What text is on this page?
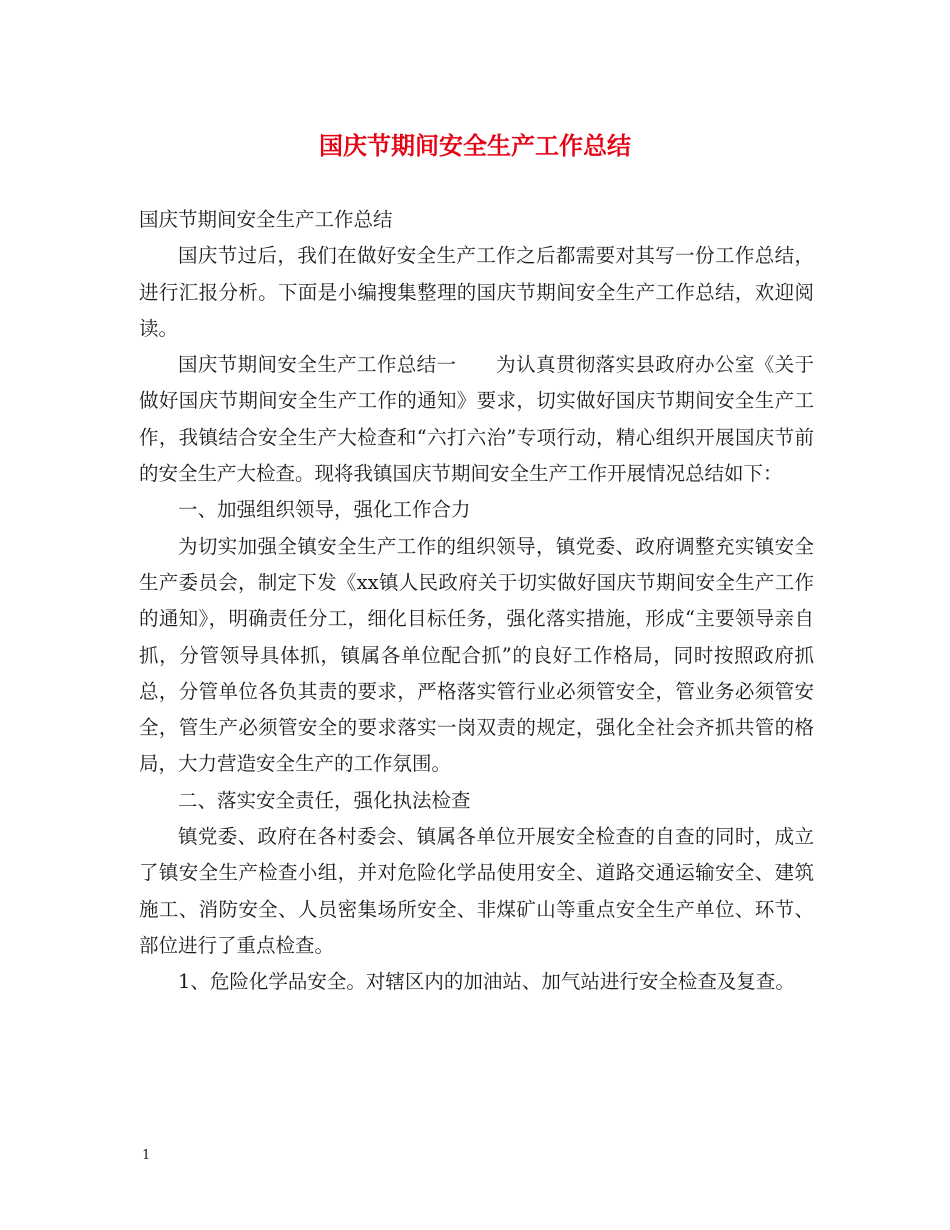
国庆节期间安全生产工作总结

国庆节期间安全生产工作总结

国庆节过后，我们在做好安全生产工作之后都需要对其写一份工作总结，进行汇报分析。下面是小编搜集整理的国庆节期间安全生产工作总结，欢迎阅读。

国庆节期间安全生产工作总结一　　为认真贯彻落实县政府办公室《关于做好国庆节期间安全生产工作的通知》要求，切实做好国庆节期间安全生产工作，我镇结合安全生产大检查和“六打六治”专项行动，精心组织开展国庆节前的安全生产大检查。现将我镇国庆节期间安全生产工作开展情况总结如下：

一、加强组织领导，强化工作合力

为切实加强全镇安全生产工作的组织领导，镇党委、政府调整充实镇安全生产委员会，制定下发《xx镇人民政府关于切实做好国庆节期间安全生产工作的通知》，明确责任分工，细化目标任务，强化落实措施，形成“主要领导亲自抓，分管领导具体抓，镇属各单位配合抓”的良好工作格局，同时按照政府抓总，分管单位各负其责的要求，严格落实管行业必须管安全，管业务必须管安全，管生产必须管安全的要求落实一岗双责的规定，强化全社会齐抓共管的格局，大力营造安全生产的工作氛围。

二、落实安全责任，强化执法检查

镇党委、政府在各村委会、镇属各单位开展安全检查的自查的同时，成立了镇安全生产检查小组，并对危险化学品使用安全、道路交通运输安全、建筑施工、消防安全、人员密集场所安全、非煤矿山等重点安全生产单位、环节、部位进行了重点检查。

1、危险化学品安全。对辖区内的加油站、加气站进行安全检查及复查。

1
